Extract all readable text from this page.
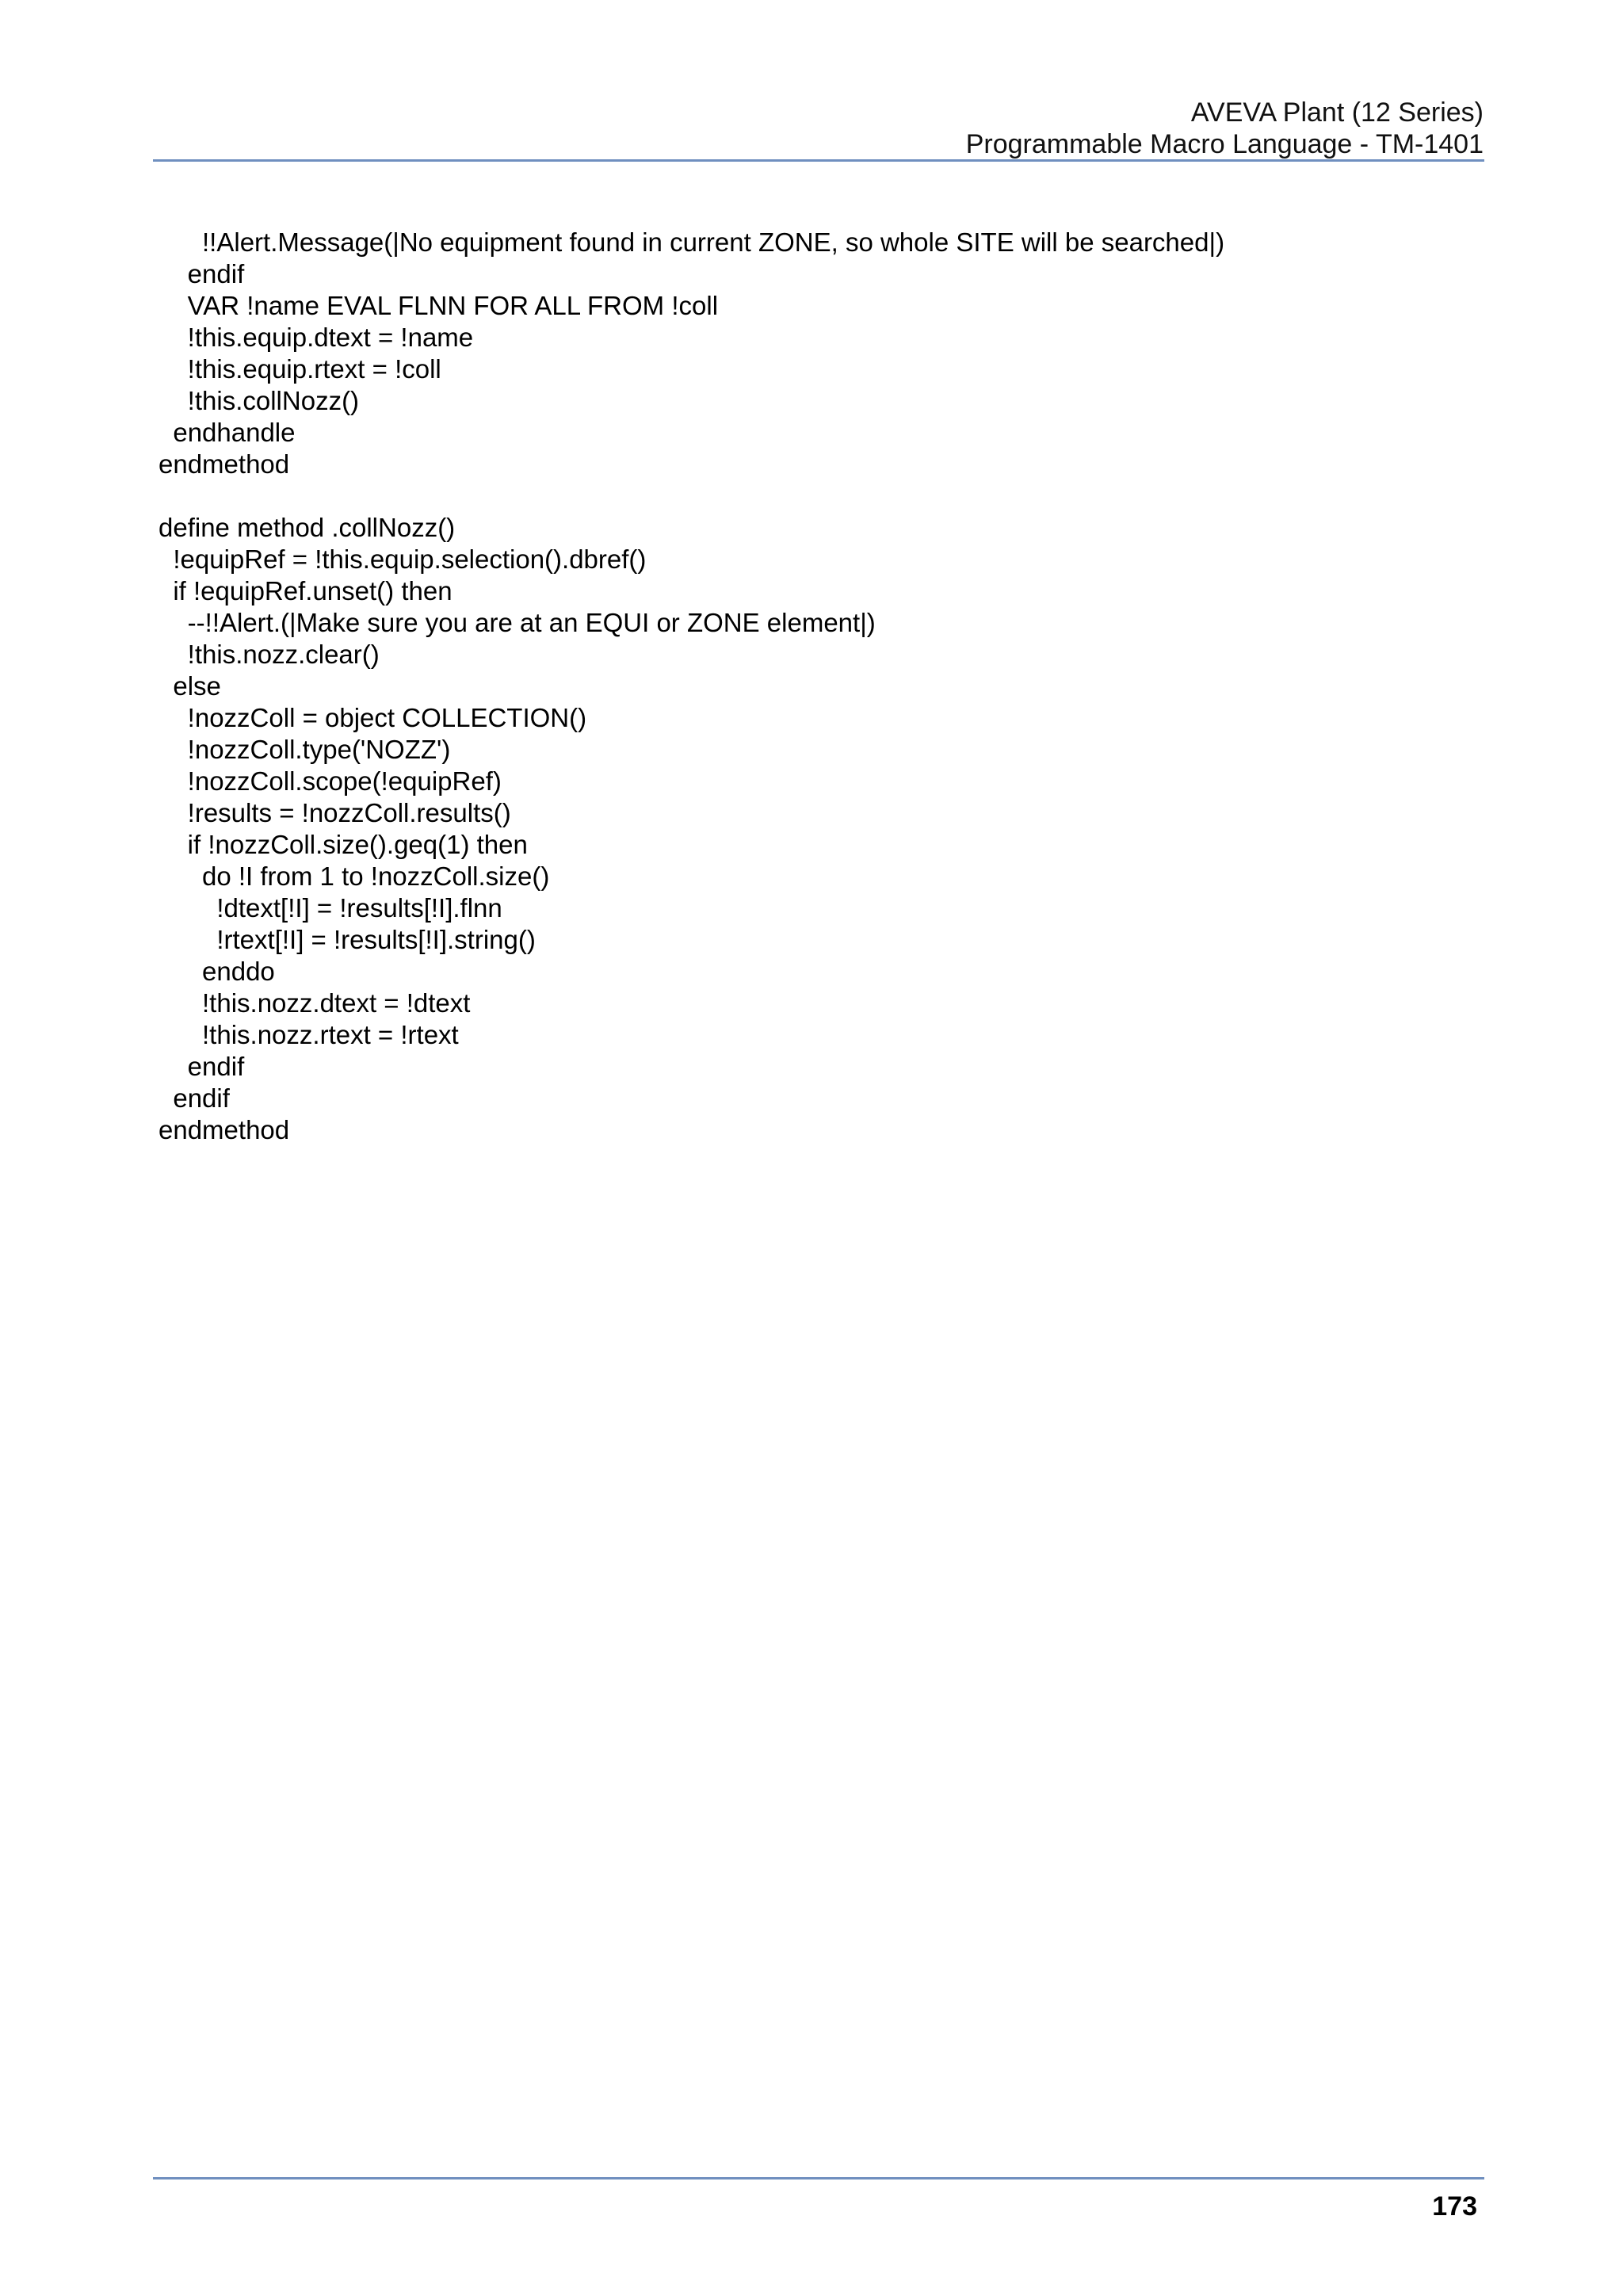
AVEVA Plant (12 Series)
Programmable Macro Language - TM-1401
!!Alert.Message(|No equipment found in current ZONE, so whole SITE will be searched|)
endif
VAR !name EVAL FLNN FOR ALL FROM !coll
!this.equip.dtext = !name
!this.equip.rtext = !coll
!this.collNozz()
endhandle
endmethod
define method .collNozz()
!equipRef = !this.equip.selection().dbref()
if !equipRef.unset() then
--!!Alert.(|Make sure you are at an EQUI or ZONE element|)
!this.nozz.clear()
else
!nozzColl = object COLLECTION()
!nozzColl.type('NOZZ')
!nozzColl.scope(!equipRef)
!results = !nozzColl.results()
if !nozzColl.size().geq(1) then
do !I from 1 to !nozzColl.size()
!dtext[!I] = !results[!I].flnn
!rtext[!I] = !results[!I].string()
enddo
!this.nozz.dtext = !dtext
!this.nozz.rtext = !rtext
endif
endif
endmethod
173
